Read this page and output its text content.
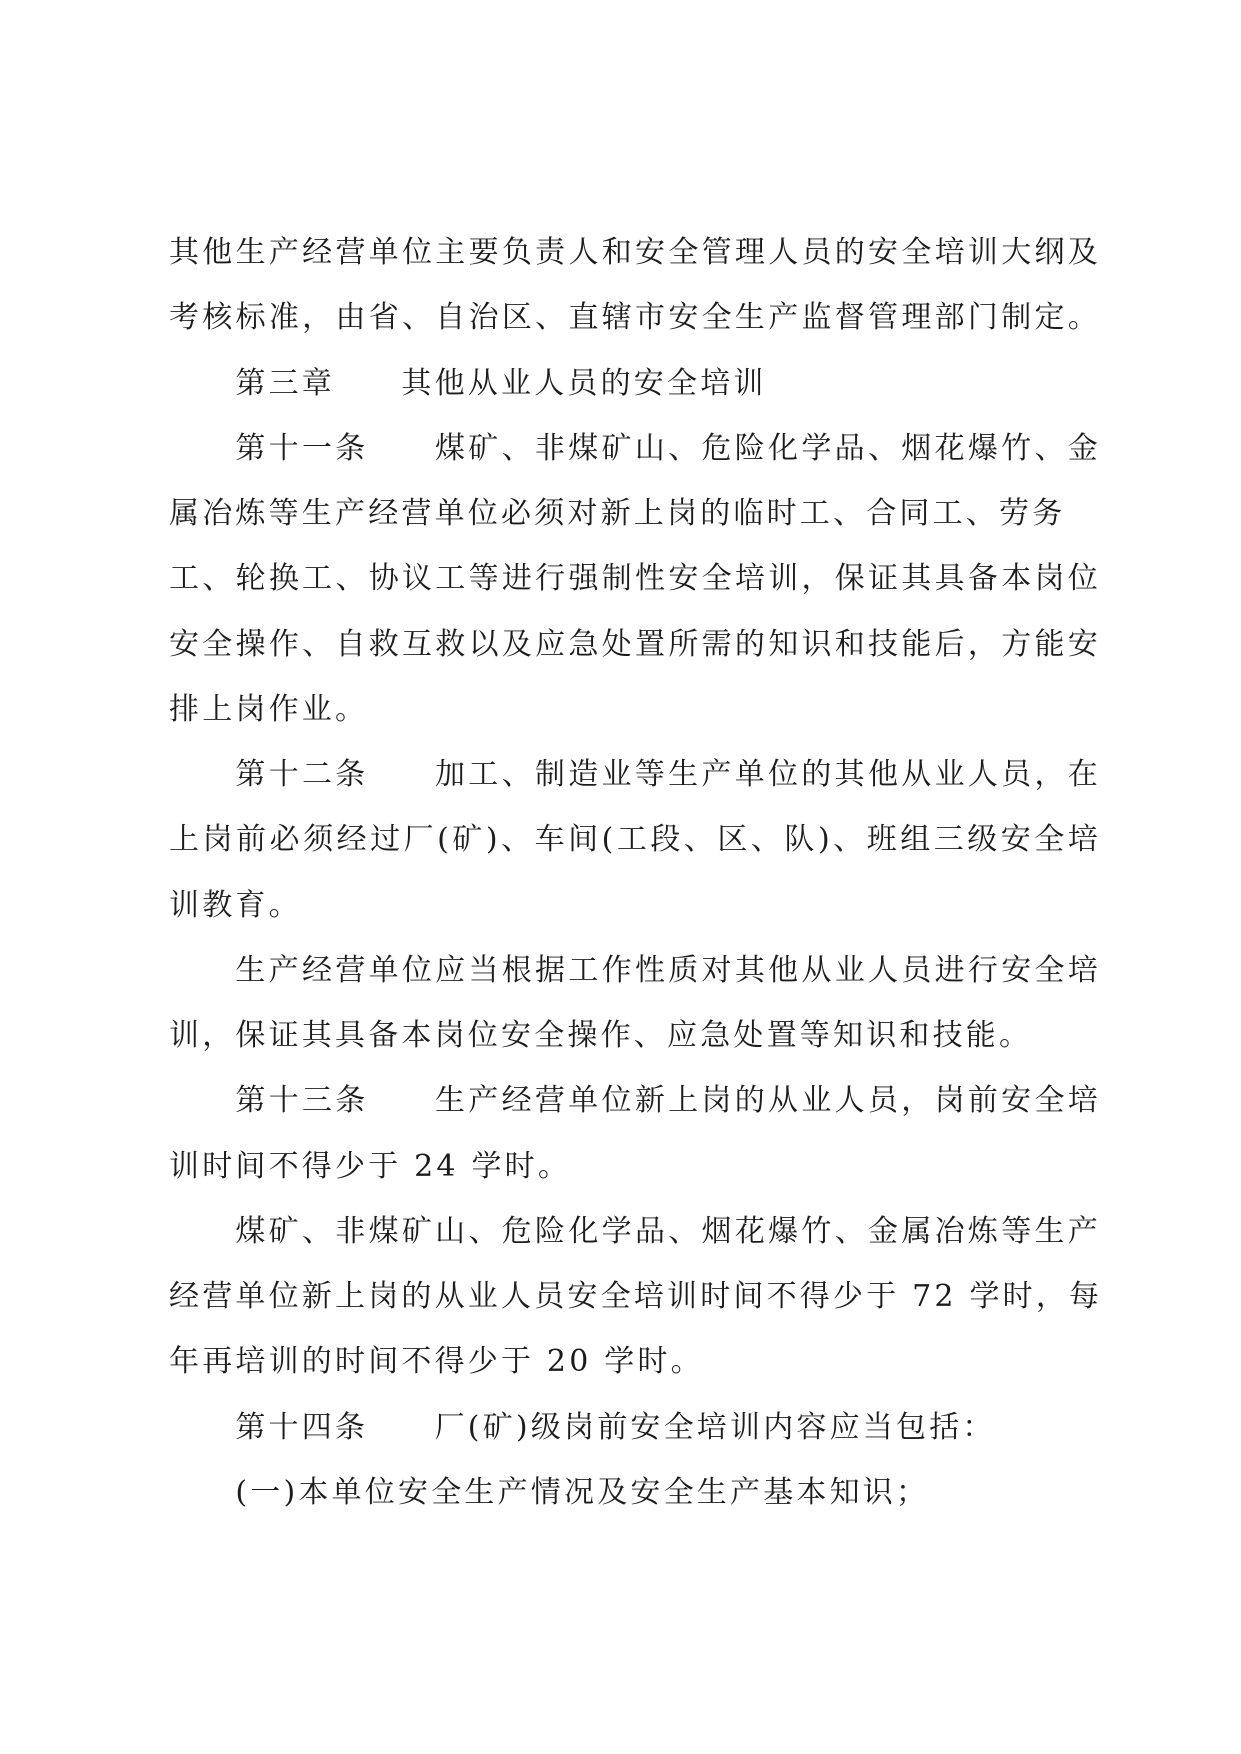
其他生产经营单位主要负责人和安全管理人员的安全培训大纲及
考核标准，由省、自治区、直辖市安全生产监督管理部门制定。
第三章 其他从业人员的安全培训
第十一条 煤矿、非煤矿山、危险化学品、烟花爆竹、金
属冶炼等生产经营单位必须对新上岗的临时工、合同工、劳务
工、轮换工、协议工等进行强制性安全培训，保证其具备本岗位
安全操作、自救互救以及应急处置所需的知识和技能后，方能安
排上岗作业。
第十二条 加工、制造业等生产单位的其他从业人员，在
上岗前必须经过厂(矿)、车间(工段、区、队)、班组三级安全培
训教育。
生产经营单位应当根据工作性质对其他从业人员进行安全培
训，保证其具备本岗位安全操作、应急处置等知识和技能。
第十三条 生产经营单位新上岗的从业人员，岗前安全培
训时间不得少于 24 学时。
煤矿、非煤矿山、危险化学品、烟花爆竹、金属冶炼等生产
经营单位新上岗的从业人员安全培训时间不得少于 72 学时，每
年再培训的时间不得少于 20 学时。
第十四条 厂(矿)级岗前安全培训内容应当包括：
(一)本单位安全生产情况及安全生产基本知识；
